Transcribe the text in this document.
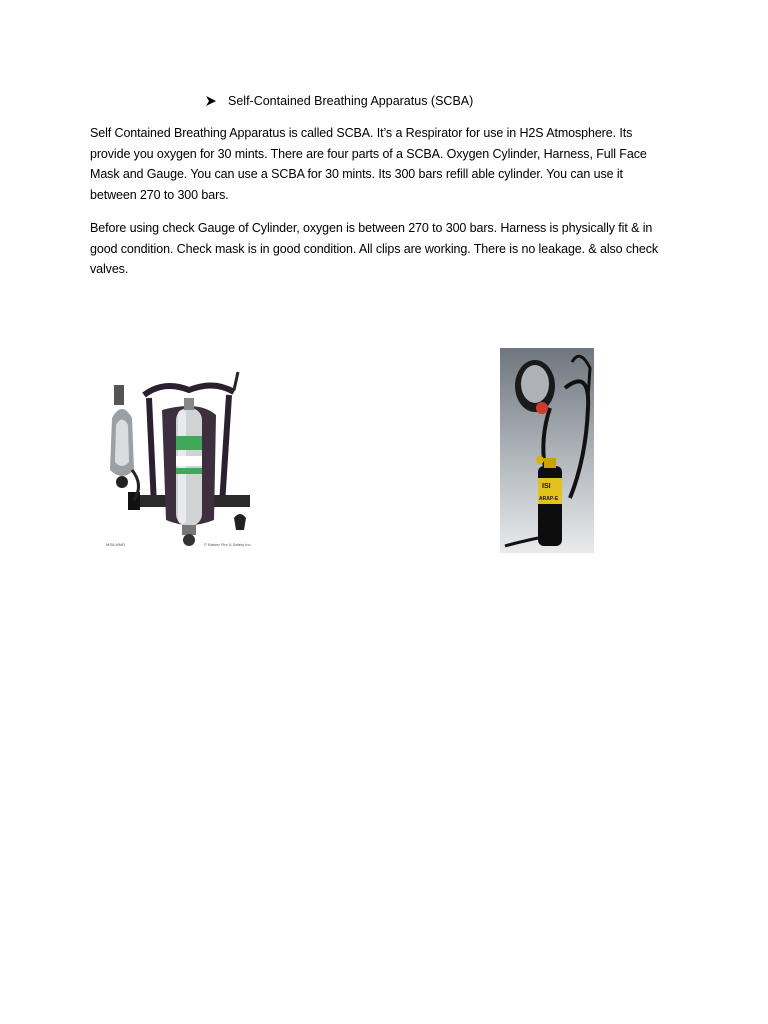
Self-Contained Breathing Apparatus (SCBA)
Self Contained Breathing Apparatus is called SCBA. It’s a Respirator for use in H2S Atmosphere. Its
provide you oxygen for 30 mints. There are four parts of a SCBA. Oxygen Cylinder, Harness, Full Face
Mask and Gauge. You can use a SCBA for 30 mints. Its 300 bars refill able cylinder. You can use it
between 270 to 300 bars.
Before using check Gauge of Cylinder, oxygen is between 270 to 300 bars. Harness is physically fit & in
good condition. Check mask is in good condition. All clips are working. There is no leakage. & also check
valves.
MSA MMR	© Barker Fire & Safety Inc.
ISI
ARAP-E
